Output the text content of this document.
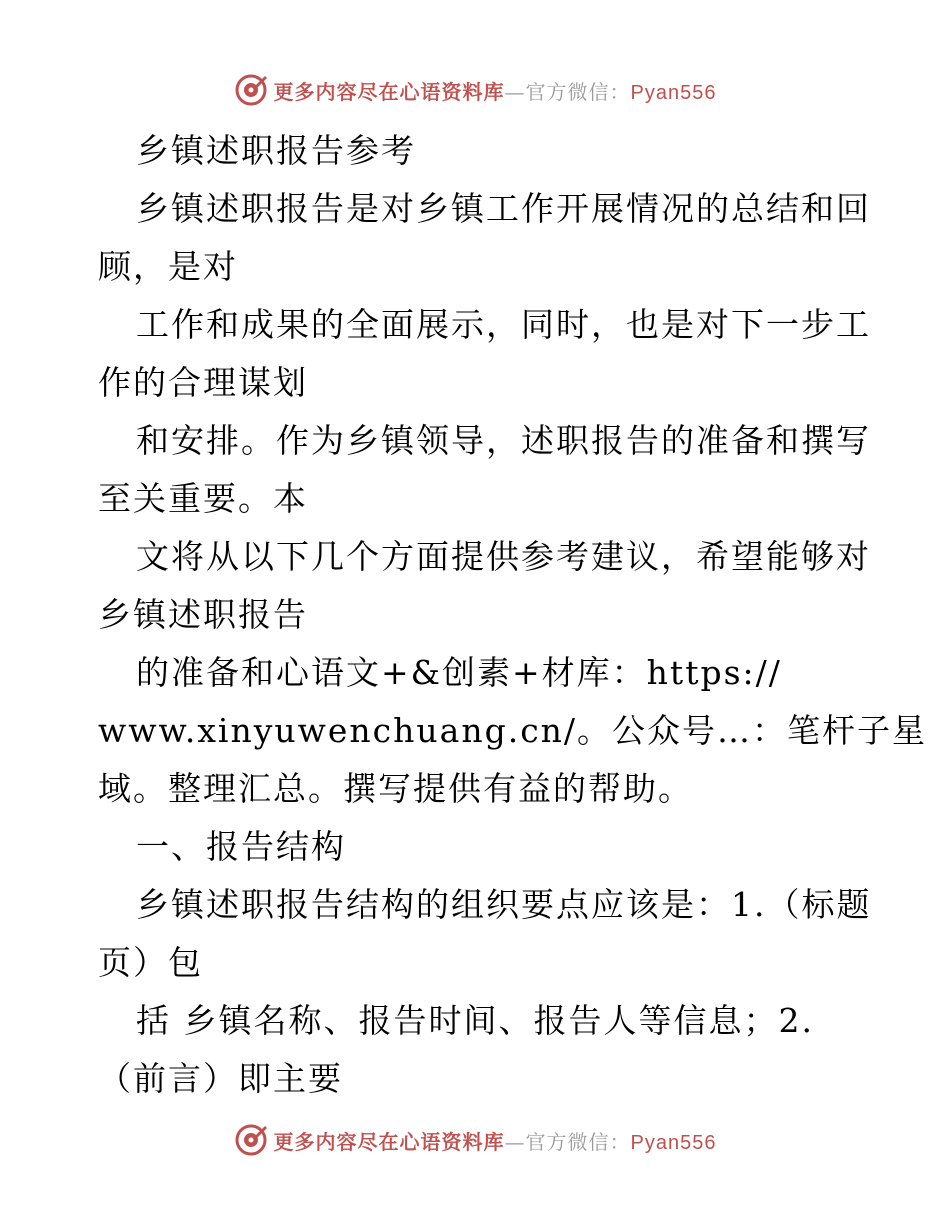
更多内容尽在心语资料库—官方微信：Pyan556
乡镇述职报告参考
乡镇述职报告是对乡镇工作开展情况的总结和回
顾，是对
工作和成果的全面展示，同时，也是对下一步工
作的合理谋划
和安排。作为乡镇领导，述职报告的准备和撰写
至关重要。本
文将从以下几个方面提供参考建议，希望能够对
乡镇述职报告
的准备和心语文+&创素+材库：https://
www.xinyuwenchuang.cn/。公众号…：笔杆子星
域。整理汇总。撰写提供有益的帮助。
一、报告结构
乡镇述职报告结构的组织要点应该是：1.（标题
页）包
括 乡镇名称、报告时间、报告人等信息；2.
（前言）即主要
更多内容尽在心语资料库—官方微信：Pyan556
